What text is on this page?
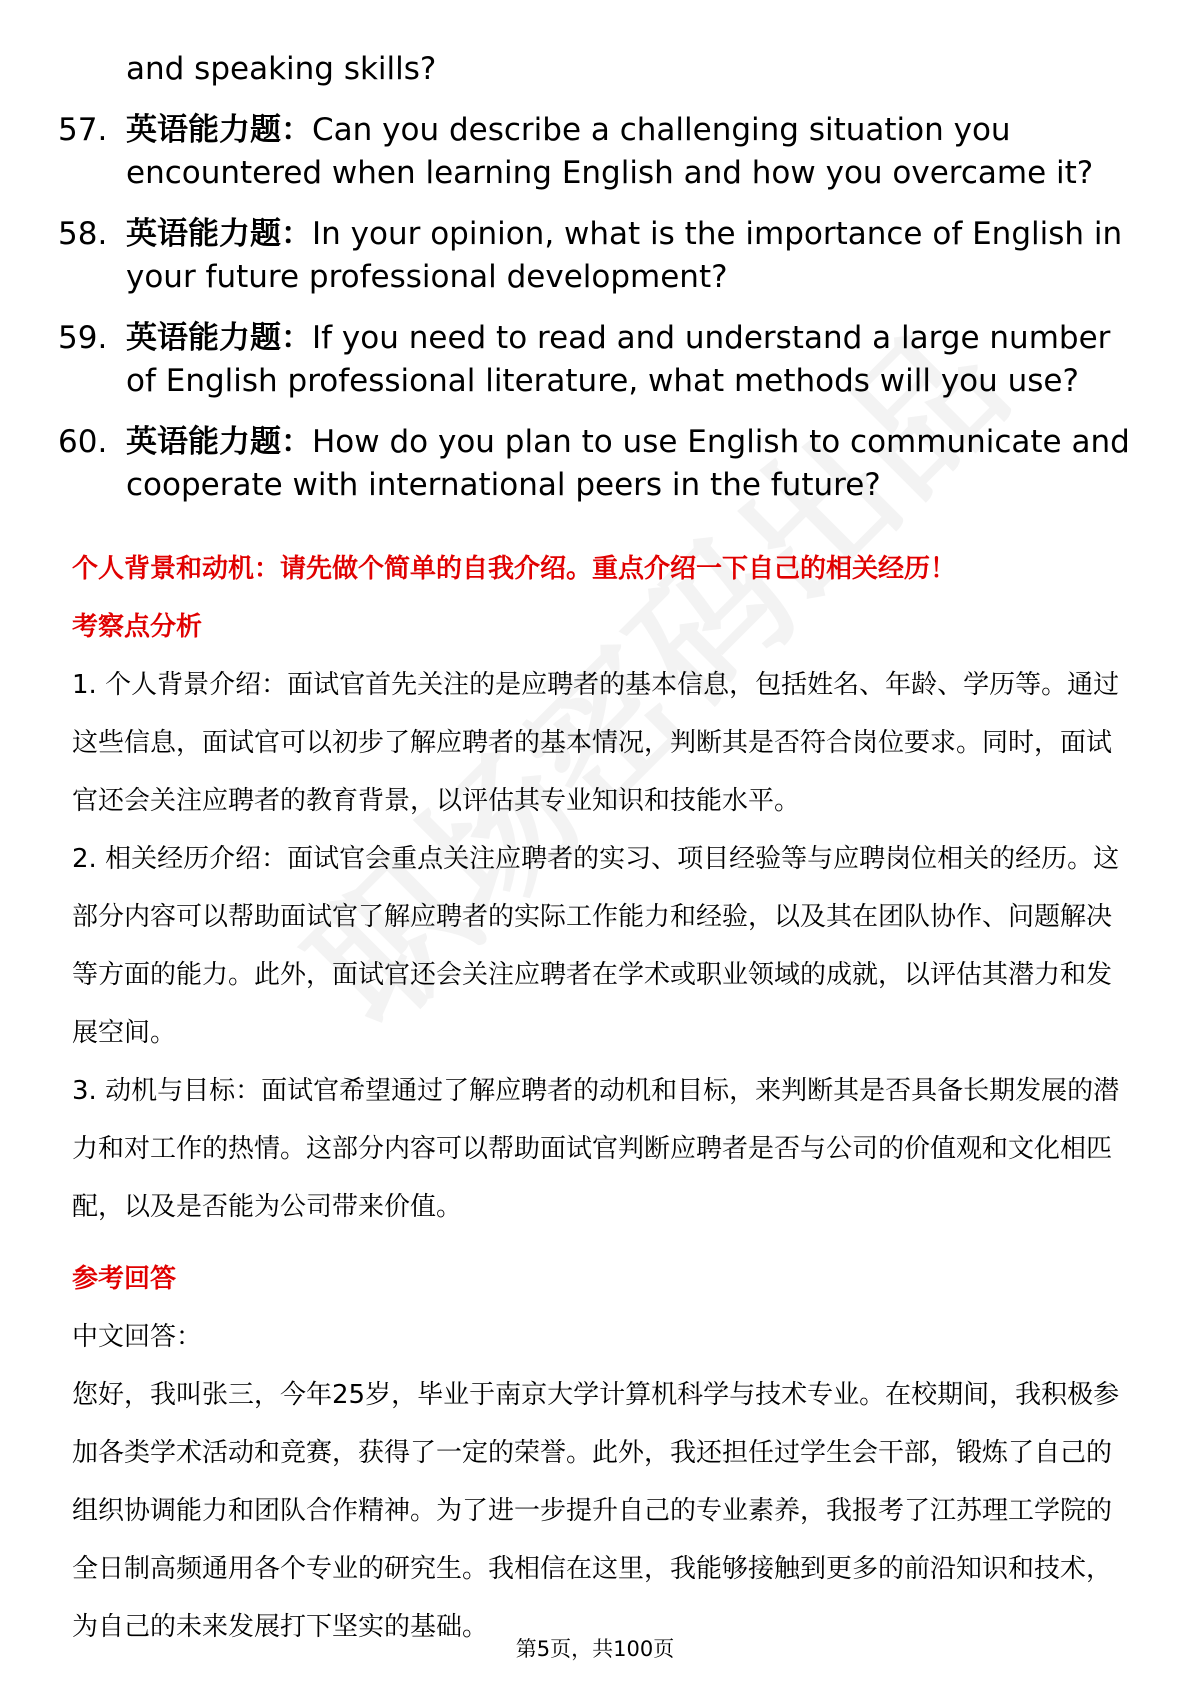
and speaking skills?
57. 英语能力题：Can you describe a challenging situation you encountered when learning English and how you overcame it?
58. 英语能力题：In your opinion, what is the importance of English in your future professional development?
59. 英语能力题：If you need to read and understand a large number of English professional literature, what methods will you use?
60. 英语能力题：How do you plan to use English to communicate and cooperate with international peers in the future?
个人背景和动机：请先做个简单的自我介绍。重点介绍一下自己的相关经历！
考察点分析
1. 个人背景介绍：面试官首先关注的是应聘者的基本信息，包括姓名、年龄、学历等。通过这些信息，面试官可以初步了解应聘者的基本情况，判断其是否符合岗位要求。同时，面试官还会关注应聘者的教育背景，以评估其专业知识和技能水平。
2. 相关经历介绍：面试官会重点关注应聘者的实习、项目经验等与应聘岗位相关的经历。这部分内容可以帮助面试官了解应聘者的实际工作能力和经验，以及其在团队协作、问题解决等方面的能力。此外，面试官还会关注应聘者在学术或职业领域的成就，以评估其潜力和发展空间。
3. 动机与目标：面试官希望通过了解应聘者的动机和目标，来判断其是否具备长期发展的潜力和对工作的热情。这部分内容可以帮助面试官判断应聘者是否与公司的价值观和文化相匹配，以及是否能为公司带来价值。
参考回答
中文回答：
您好，我叫张三，今年25岁，毕业于南京大学计算机科学与技术专业。在校期间，我积极参加各类学术活动和竞赛，获得了一定的荣誉。此外，我还担任过学生会干部，锻炼了自己的组织协调能力和团队合作精神。为了进一步提升自己的专业素养，我报考了江苏理工学院的全日制高频通用各个专业的研究生。我相信在这里，我能够接触到更多的前沿知识和技术，为自己的未来发展打下坚实的基础。
第5页，共100页
